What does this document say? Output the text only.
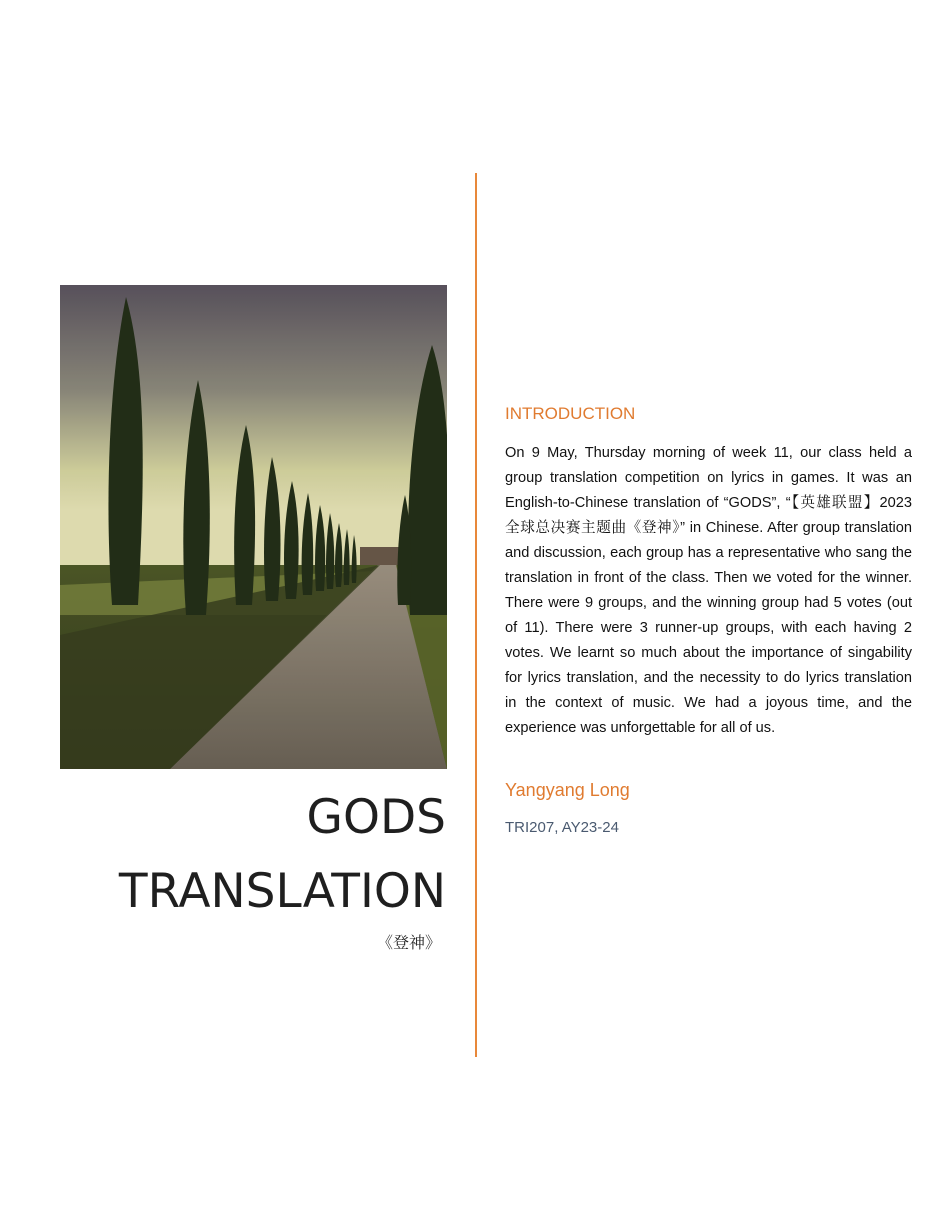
GODS
TRANSLATION
《登神》
INTRODUCTION
On 9 May, Thursday morning of week 11, our class held a group translation competition on lyrics in games. It was an English-to-Chinese translation of “GODS”, “【英雄联盟】2023 全球总决赛主题曲《登神》” in Chinese. After group translation and discussion, each group has a representative who sang the translation in front of the class. Then we voted for the winner. There were 9 groups, and the winning group had 5 votes (out of 11). There were 3 runner-up groups, with each having 2 votes. We learnt so much about the importance of singability for lyrics translation, and the necessity to do lyrics translation in the context of music. We had a joyous time, and the experience was unforgettable for all of us.
Yangyang Long
TRI207, AY23-24
